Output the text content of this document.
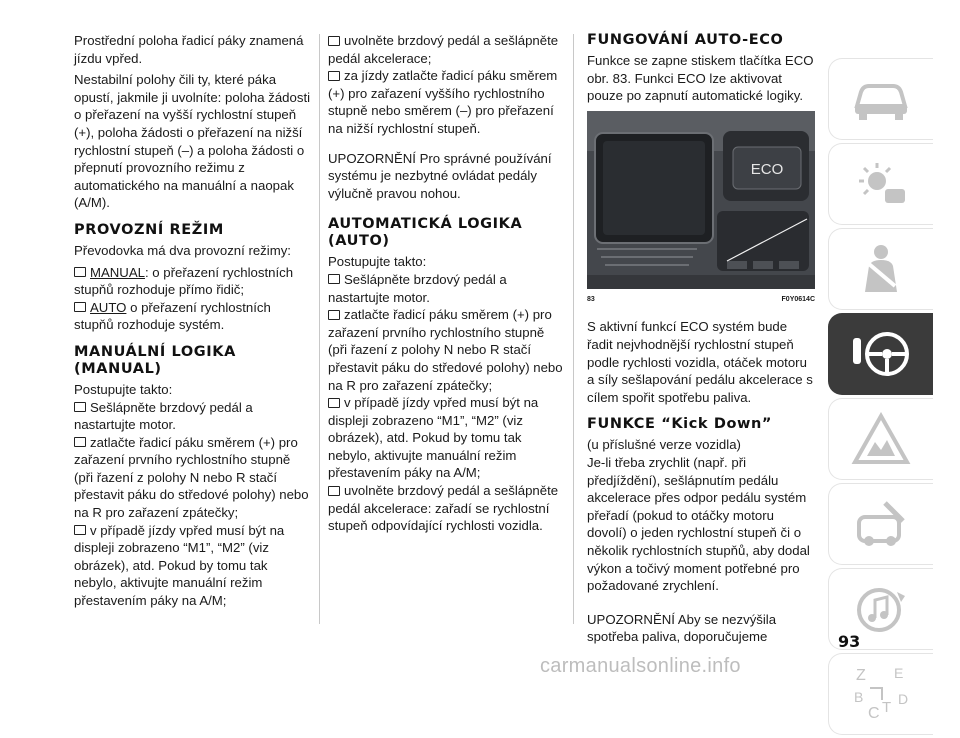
Prostřední poloha řadicí páky znamená jízdu vpřed.

Nestabilní polohy čili ty, které páka opustí, jakmile ji uvolníte: poloha žádosti o přeřazení na vyšší rychlostní stupeň (+), poloha žádosti o přeřazení na nižší rychlostní stupeň (–) a poloha žádosti o přepnutí provozního režimu z automatického na manuální a naopak (A/M).

PROVOZNÍ REŽIM

Převodovka má dva provozní režimy:

MANUAL: o přeřazení rychlostních stupňů rozhoduje přímo řidič;
AUTO o přeřazení rychlostních stupňů rozhoduje systém.
MANUÁLNÍ LOGIKA (MANUAL)

Postupujte takto:

Sešlápněte brzdový pedál a nastartujte motor.
zatlačte řadicí páku směrem (+) pro zařazení prvního rychlostního stupně (při řazení z polohy N nebo R stačí přestavit páku do středové polohy) nebo na R pro zařazení zpátečky;
v případě jízdy vpřed musí být na displeji zobrazeno “M1”, “M2” (viz obrázek), atd. Pokud by tomu tak nebylo, aktivujte manuální režim přestavením páky na A/M;
uvolněte brzdový pedál a sešlápněte pedál akcelerace;
za jízdy zatlačte řadicí páku směrem (+) pro zařazení vyššího rychlostního stupně nebo směrem (–) pro přeřazení na nižší rychlostní stupeň.

UPOZORNĚNÍ Pro správné používání systému je nezbytné ovládat pedály výlučně pravou nohou.

AUTOMATICKÁ LOGIKA (AUTO)

Postupujte takto:

Sešlápněte brzdový pedál a nastartujte motor.
zatlačte řadicí páku směrem (+) pro zařazení prvního rychlostního stupně (při řazení z polohy N nebo R stačí přestavit páku do středové polohy) nebo na R pro zařazení zpátečky;
v případě jízdy vpřed musí být na displeji zobrazeno “M1”, “M2” (viz obrázek), atd. Pokud by tomu tak nebylo, aktivujte manuální režim přestavením páky na A/M;
uvolněte brzdový pedál a sešlápněte pedál akcelerace: zařadí se rychlostní stupeň odpovídající rychlosti vozidla.
FUNGOVÁNÍ AUTO-ECO

Funkce se zapne stiskem tlačítka ECO obr. 83. Funkci ECO lze aktivovat pouze po zapnutí automatické logiky.

ECO
83	F0Y0614C

S aktivní funkcí ECO systém bude řadit nejvhodnější rychlostní stupeň podle rychlosti vozidla, otáček motoru a síly sešlapování pedálu akcelerace s cílem spořit spotřebu paliva.

FUNKCE “Kick Down”

(u příslušné verze vozidla)

Je-li třeba zrychlit (např. při předjíždění), sešlápnutím pedálu akcelerace přes odpor pedálu systém přeřadí (pokud to otáčky motoru dovolí) o jeden rychlostní stupeň či o několik rychlostních stupňů, aby dodal výkon a točivý moment potřebné pro požadované zrychlení.

UPOZORNĚNÍ Aby se nezvýšila spotřeba paliva, doporučujeme

Z E
B
C T D
93
carmanualsonline.info
